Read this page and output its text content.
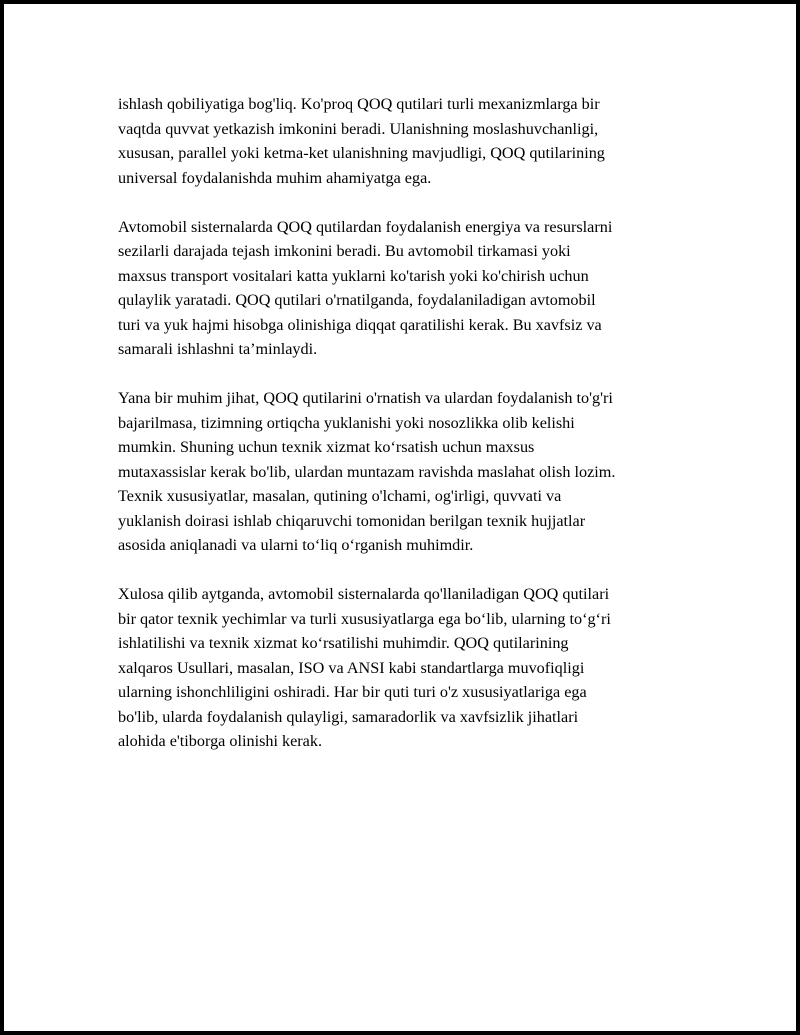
ishlash qobiliyatiga bog'liq. Ko'proq QOQ qutilari turli mexanizmlarga bir
vaqtda quvvat yetkazish imkonini beradi. Ulanishning moslashuvchanligi,
xususan, parallel yoki ketma-ket ulanishning mavjudligi, QOQ qutilarining
universal foydalanishda muhim ahamiyatga ega.

Avtomobil sisternalarda QOQ qutilardan foydalanish energiya va resurslarni
sezilarli darajada tejash imkonini beradi. Bu avtomobil tirkamasi yoki
maxsus transport vositalari katta yuklarni ko'tarish yoki ko'chirish uchun
qulaylik yaratadi. QOQ qutilari o'rnatilganda, foydalaniladigan avtomobil
turi va yuk hajmi hisobga olinishiga diqqat qaratilishi kerak. Bu xavfsiz va
samarali ishlashni ta’minlaydi.

Yana bir muhim jihat, QOQ qutilarini o'rnatish va ulardan foydalanish to'g'ri
bajarilmasa, tizimning ortiqcha yuklanishi yoki nosozlikka olib kelishi
mumkin. Shuning uchun texnik xizmat ko‘rsatish uchun maxsus
mutaxassislar kerak bo'lib, ulardan muntazam ravishda maslahat olish lozim.
Texnik xususiyatlar, masalan, qutining o'lchami, og'irligi, quvvati va
yuklanish doirasi ishlab chiqaruvchi tomonidan berilgan texnik hujjatlar
asosida aniqlanadi va ularni to‘liq o‘rganish muhimdir.

Xulosa qilib aytganda, avtomobil sisternalarda qo'llaniladigan QOQ qutilari
bir qator texnik yechimlar va turli xususiyatlarga ega bo‘lib, ularning to‘g‘ri
ishlatilishi va texnik xizmat ko‘rsatilishi muhimdir. QOQ qutilarining
xalqaros Usullari, masalan, ISO va ANSI kabi standartlarga muvofiqligi
ularning ishonchliligini oshiradi. Har bir quti turi o'z xususiyatlariga ega
bo'lib, ularda foydalanish qulayligi, samaradorlik va xavfsizlik jihatlari
alohida e'tiborga olinishi kerak.
